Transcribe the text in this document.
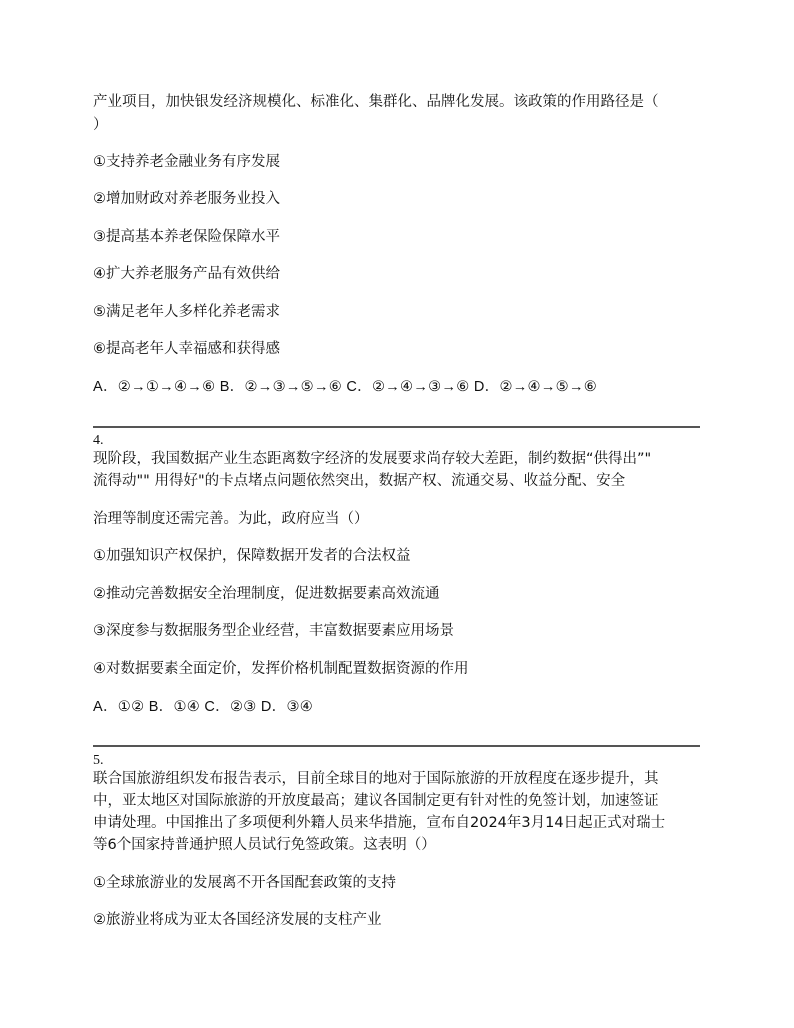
产业项目，加快银发经济规模化、标准化、集群化、品牌化发展。该政策的作用路径是（
）
①支持养老金融业务有序发展
②增加财政对养老服务业投入
③提高基本养老保险保障水平
④扩大养老服务产品有效供给
⑤满足老年人多样化养老需求
⑥提高老年人幸福感和获得感
A．②→①→④→⑥ B．②→③→⑤→⑥ C．②→④→③→⑥ D．②→④→⑤→⑥
4.
现阶段，我国数据产业生态距离数字经济的发展要求尚存较大差距，制约数据“供得出”"
流得动"" 用得好"的卡点堵点问题依然突出，数据产权、流通交易、收益分配、安全
治理等制度还需完善。为此，政府应当（）
①加强知识产权保护，保障数据开发者的合法权益
②推动完善数据安全治理制度，促进数据要素高效流通
③深度参与数据服务型企业经营，丰富数据要素应用场景
④对数据要素全面定价，发挥价格机制配置数据资源的作用
A．①② B．①④ C．②③ D．③④
5.
联合国旅游组织发布报告表示，目前全球目的地对于国际旅游的开放程度在逐步提升，其
中，亚太地区对国际旅游的开放度最高；建议各国制定更有针对性的免签计划，加速签证
申请处理。中国推出了多项便利外籍人员来华措施，宣布自2024年3月14日起正式对瑞士
等6个国家持普通护照人员试行免签政策。这表明（）
①全球旅游业的发展离不开各国配套政策的支持
②旅游业将成为亚太各国经济发展的支柱产业
